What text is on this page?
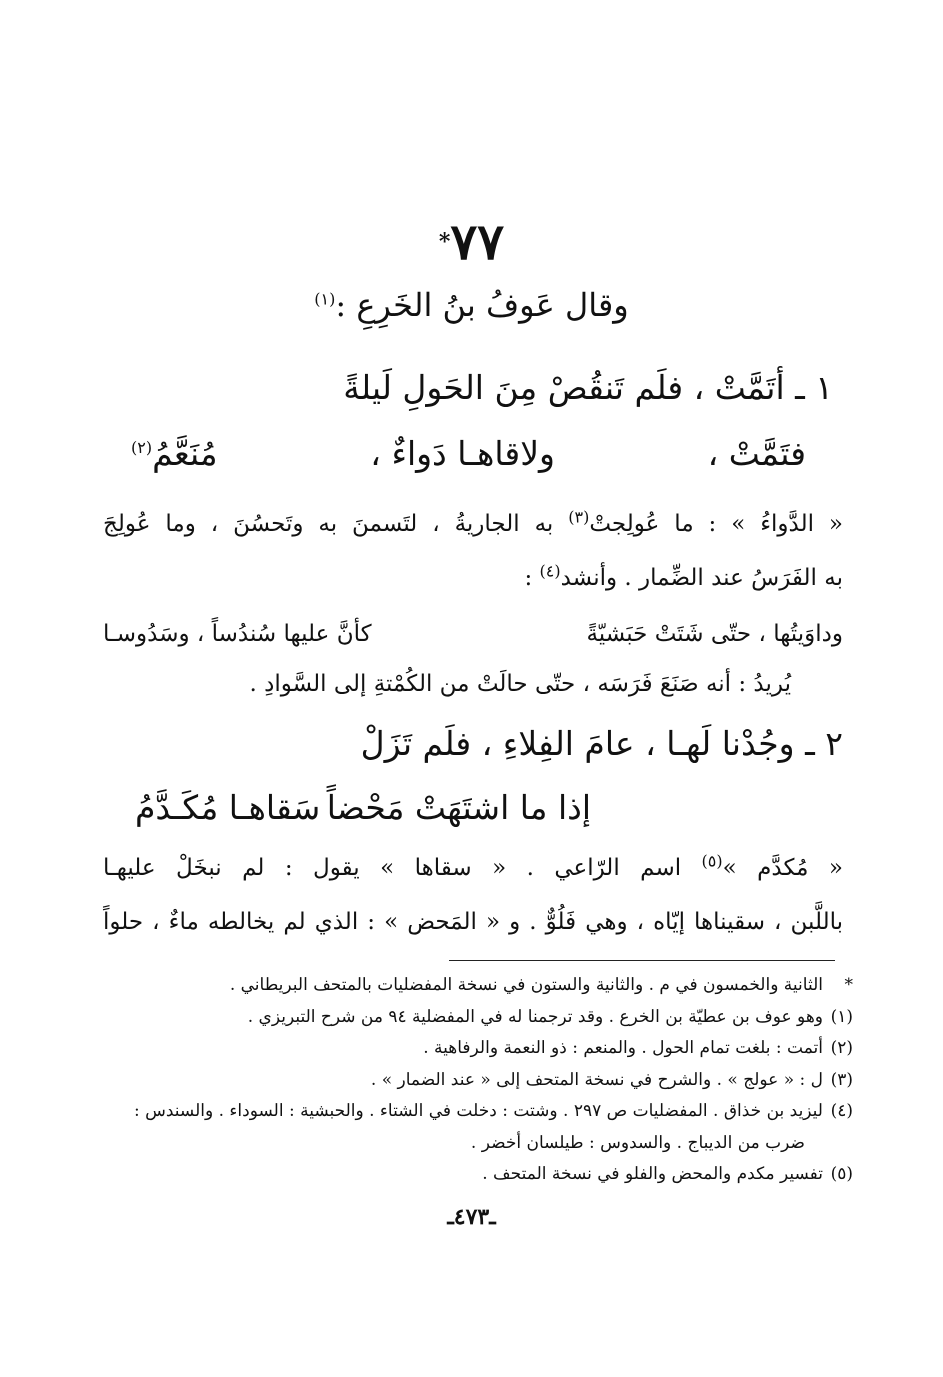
٧٧*
وقال عَوفُ بنُ الخَرِعِ :$^{(١)}$
١ ـ أتَمَّتْ ، فلَم تَنقُصْ مِنَ الحَولِ لَيلةً
فتَمَّتْ ،
ولاقاهـا دَواءٌ ،
مُنَعَّمُ$^{(٢)}$
« الدَّواءُ » : ما عُولِجتْ$^{(٣)}$ به الجاريةُ ، لتَسمنَ به وتَحسُنَ ، وما عُولِجَ
به الفَرَسُ عند الضِّمار . وأنشد$^{(٤)}$ :
وداوَيتُها ، حتّى شَتَتْ حَبَشيّةً
كأنَّ عليها سُندُساً ، وسَدُوسـا
يُريدُ : أنه صَنَعَ فَرَسَه ، حتّى حالَتْ من الكُمْتةِ إلى السَّوادِ .
٢ ـ وجُدْنا لَهـا ، عامَ الفِلاءِ ، فلَم تَزَلْ
إذا ما اشتَهَتْ مَحْضاً
سَقاهـا مُكَـدَّمُ
« مُكدَّم »$^{(٥)}$ اسم الرّاعي . « سقاها » يقول : لم نبخَلْ عليهـا
باللَّبن ، سقيناها إيّاه ، وهي فَلُوٌّ . و « المَحض » : الذي لم يخالطه ماءٌ ، حلواً
*الثانية والخمسون في م . والثانية والستون في نسخة المفضليات بالمتحف البريطاني .
(١)وهو عوف بن عطيّة بن الخرع . وقد ترجمنا له في المفضلية ٩٤ من شرح التبريزي .
(٢)أتمت : بلغت تمام الحول . والمنعم : ذو النعمة والرفاهية .
(٣)ل : « عولج » . والشرح في نسخة المتحف إلى « عند الضمار » .
(٤)ليزيد بن خذاق . المفضليات ص ٢٩٧ . وشتت : دخلت في الشتاء . والحبشية : السوداء . والسندس :
ضرب من الديباج . والسدوس : طيلسان أخضر .
(٥)تفسير مكدم والمحض والفلو في نسخة المتحف .
ـ٤٧٣ـ
